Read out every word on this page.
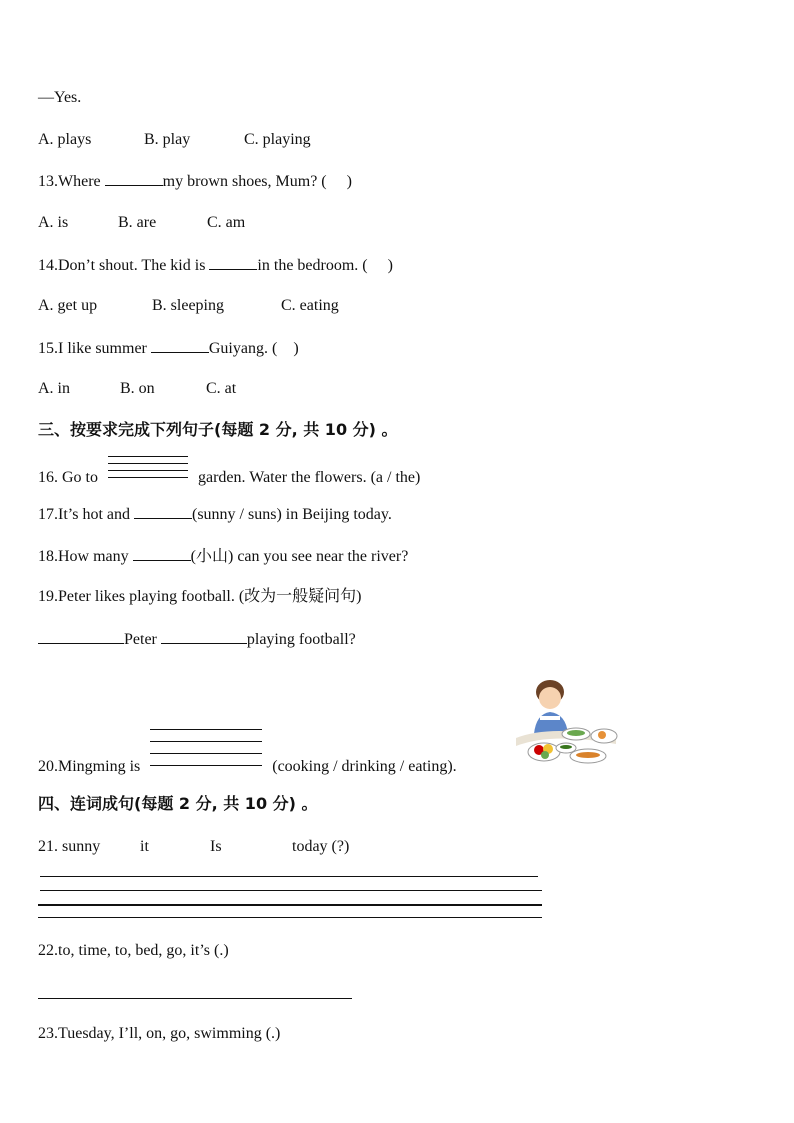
—Yes.
A. plays	B. play	C. playing
13.Where	my brown shoes, Mum? ( )
A. is	B. are	C. am
14.Don’t shout. The kid is	in the bedroom. ( )
A. get up	B. sleeping	C. eating
15.I like summer	Guiyang. ( )
A. in	B. on	C. at
三、按要求完成下列句子(每题 2 分, 共 10 分) 。
16. Go to	garden. Water the flowers. (a / the)
17.It’s hot and	(sunny / suns) in Beijing today.
18.How many	(小山) can you see near the river?
19.Peter likes playing football. (改为一般疑问句)
Peter	playing football?
20.Mingming is	(cooking / drinking / eating).
四、连词成句(每题 2 分, 共 10 分) 。
21. sunny it	Is	today (?)
22.to, time, to, bed, go, it’s (.)
23.Tuesday, I’ll, on, go, swimming (.)
